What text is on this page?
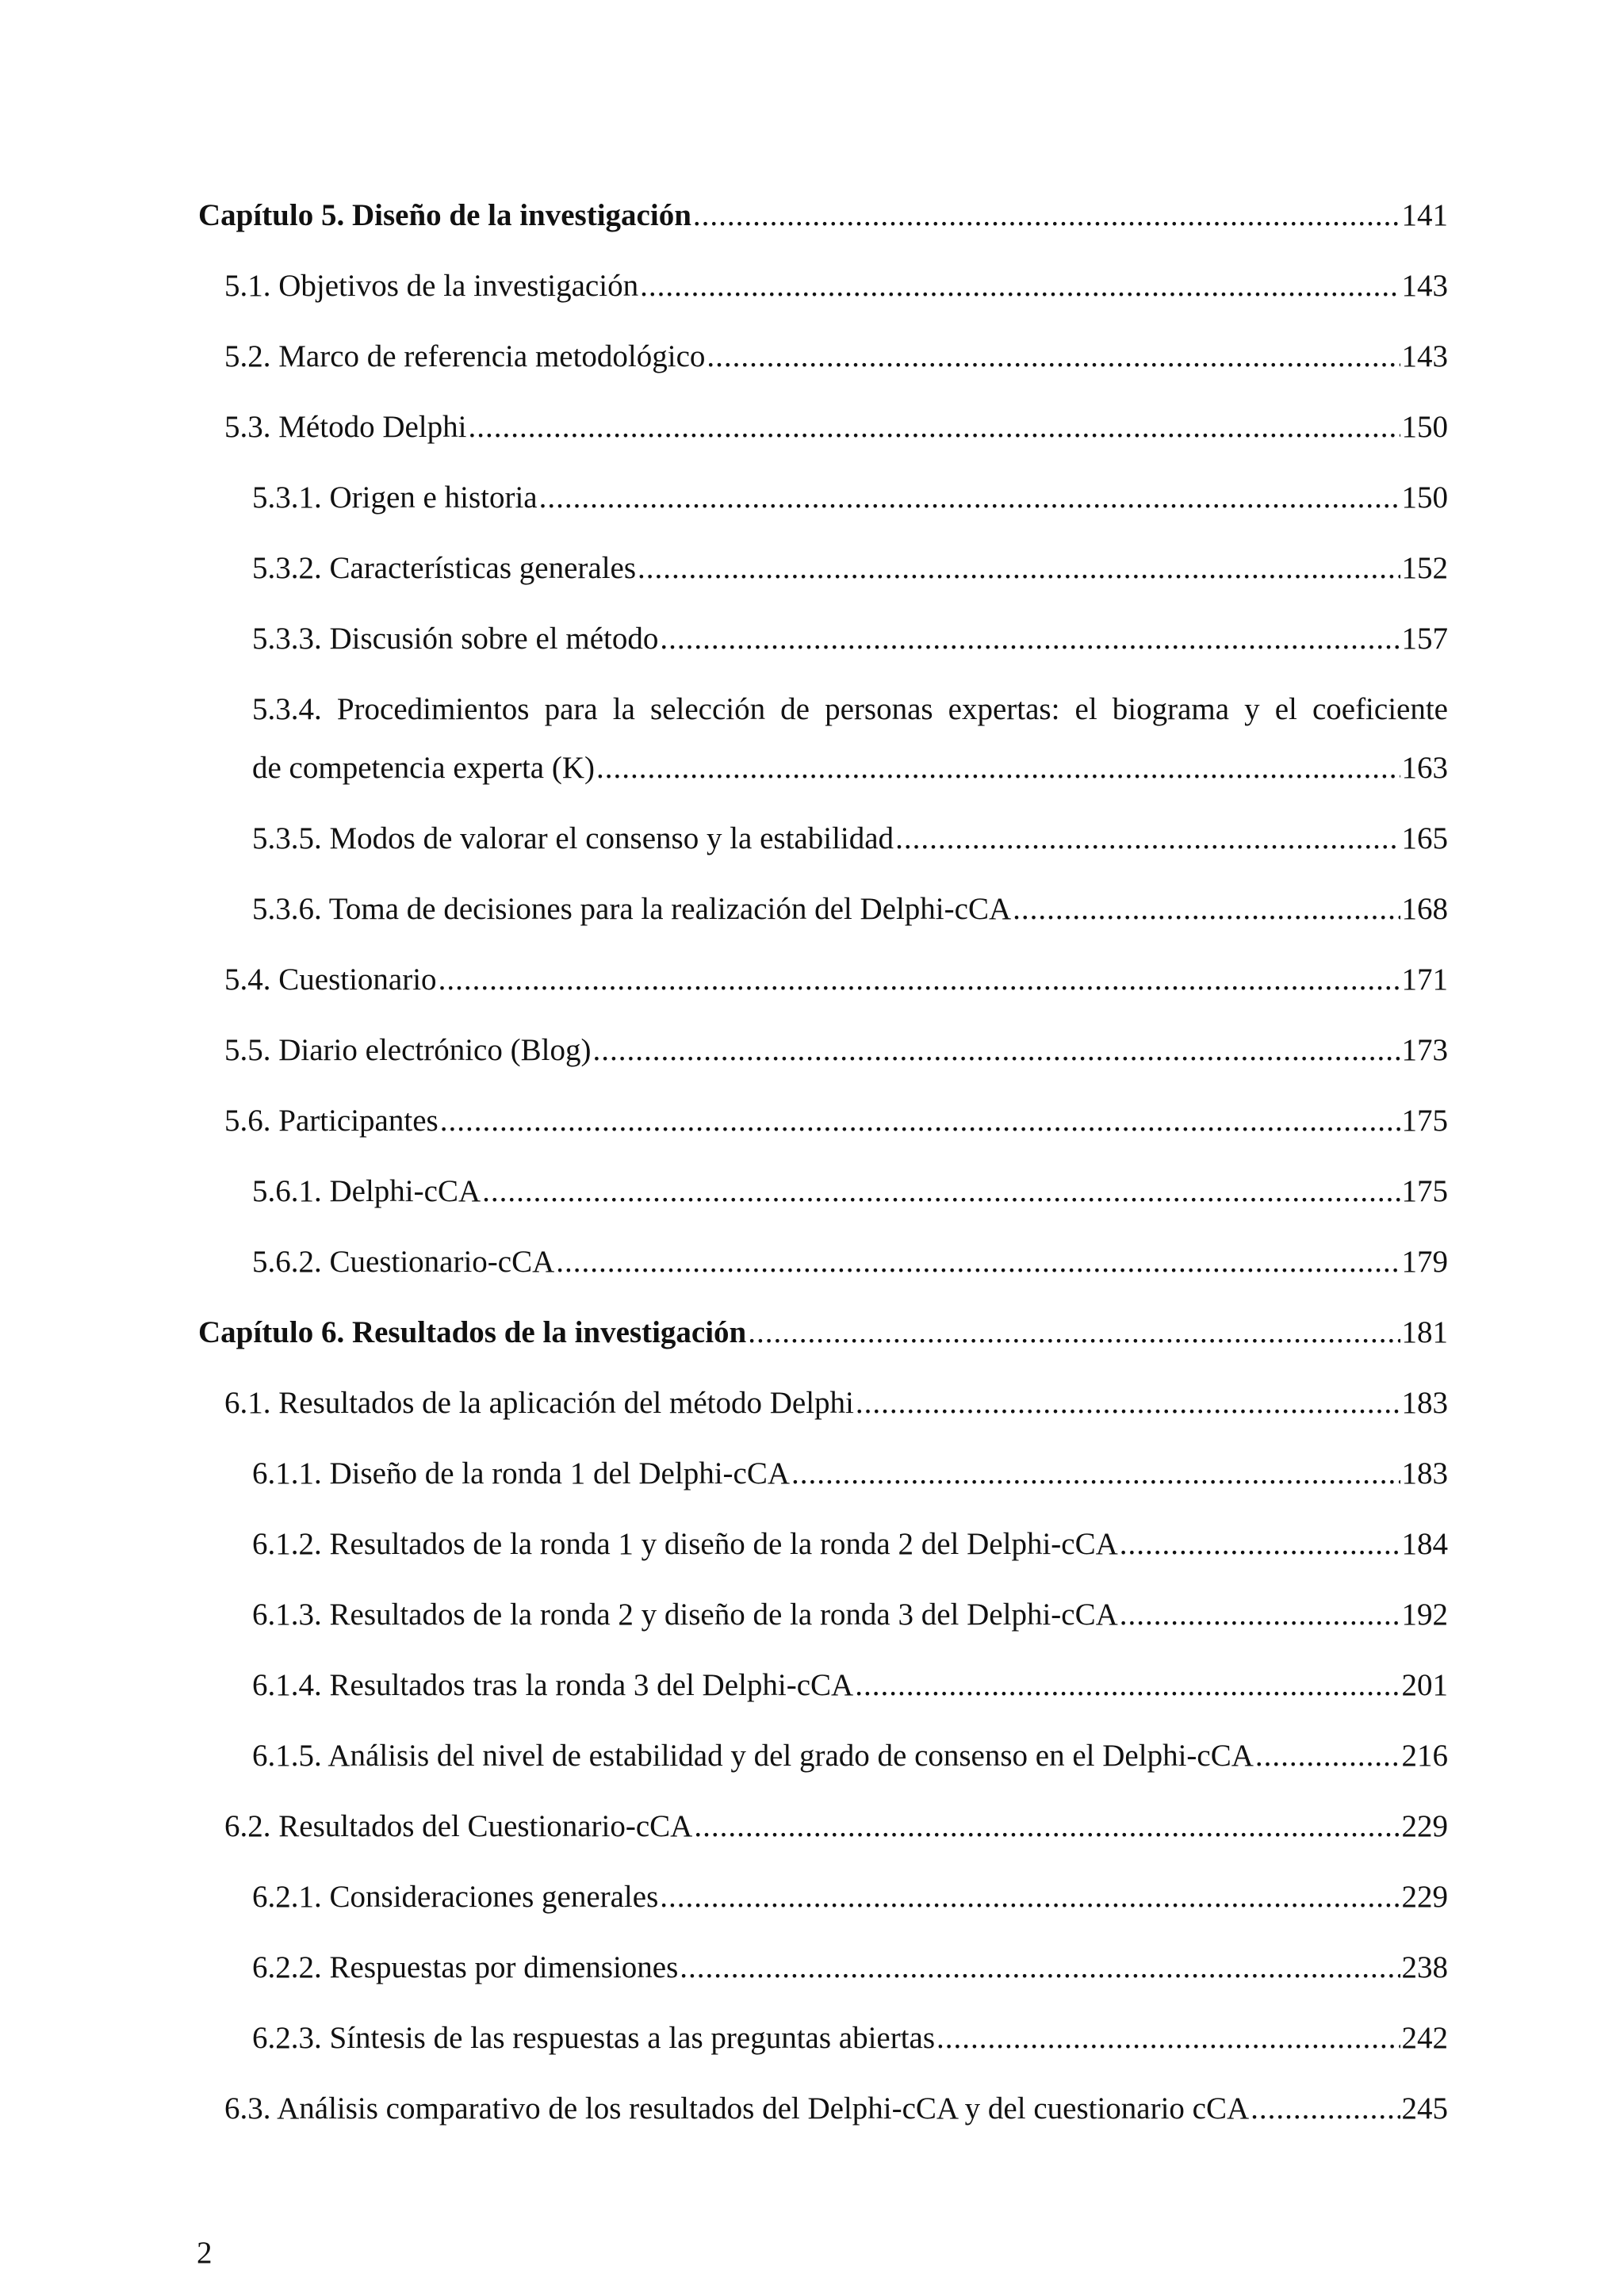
Capítulo 5. Diseño de la investigación .....	141
5.1. Objetivos de la investigación .....	143
5.2. Marco de referencia metodológico .....	143
5.3. Método Delphi .....	150
5.3.1. Origen e historia .....	150
5.3.2. Características generales .....	152
5.3.3. Discusión sobre el método .....	157
5.3.4. Procedimientos para la selección de personas expertas: el biograma y el coeficiente
de competencia experta (K) .....	163
5.3.5. Modos de valorar el consenso y la estabilidad .....	165
5.3.6. Toma de decisiones para la realización del Delphi-cCA .....	168
5.4. Cuestionario .....	171
5.5. Diario electrónico (Blog) .....	173
5.6. Participantes .....	175
5.6.1. Delphi-cCA .....	175
5.6.2. Cuestionario-cCA .....	179
Capítulo 6. Resultados de la investigación .....	181
6.1. Resultados de la aplicación del método Delphi .....	183
6.1.1. Diseño de la ronda 1 del Delphi-cCA .....	183
6.1.2. Resultados de la ronda 1 y diseño de la ronda 2 del Delphi-cCA .....	184
6.1.3. Resultados de la ronda 2 y diseño de la ronda 3 del Delphi-cCA .....	192
6.1.4. Resultados tras la ronda 3 del Delphi-cCA .....	201
6.1.5. Análisis del nivel de estabilidad y del grado de consenso en el Delphi-cCA .....	216
6.2. Resultados del Cuestionario-cCA .....	229
6.2.1. Consideraciones generales .....	229
6.2.2. Respuestas por dimensiones .....	238
6.2.3. Síntesis de las respuestas a las preguntas abiertas .....	242
6.3. Análisis comparativo de los resultados del Delphi-cCA y del cuestionario cCA .....	245
2
